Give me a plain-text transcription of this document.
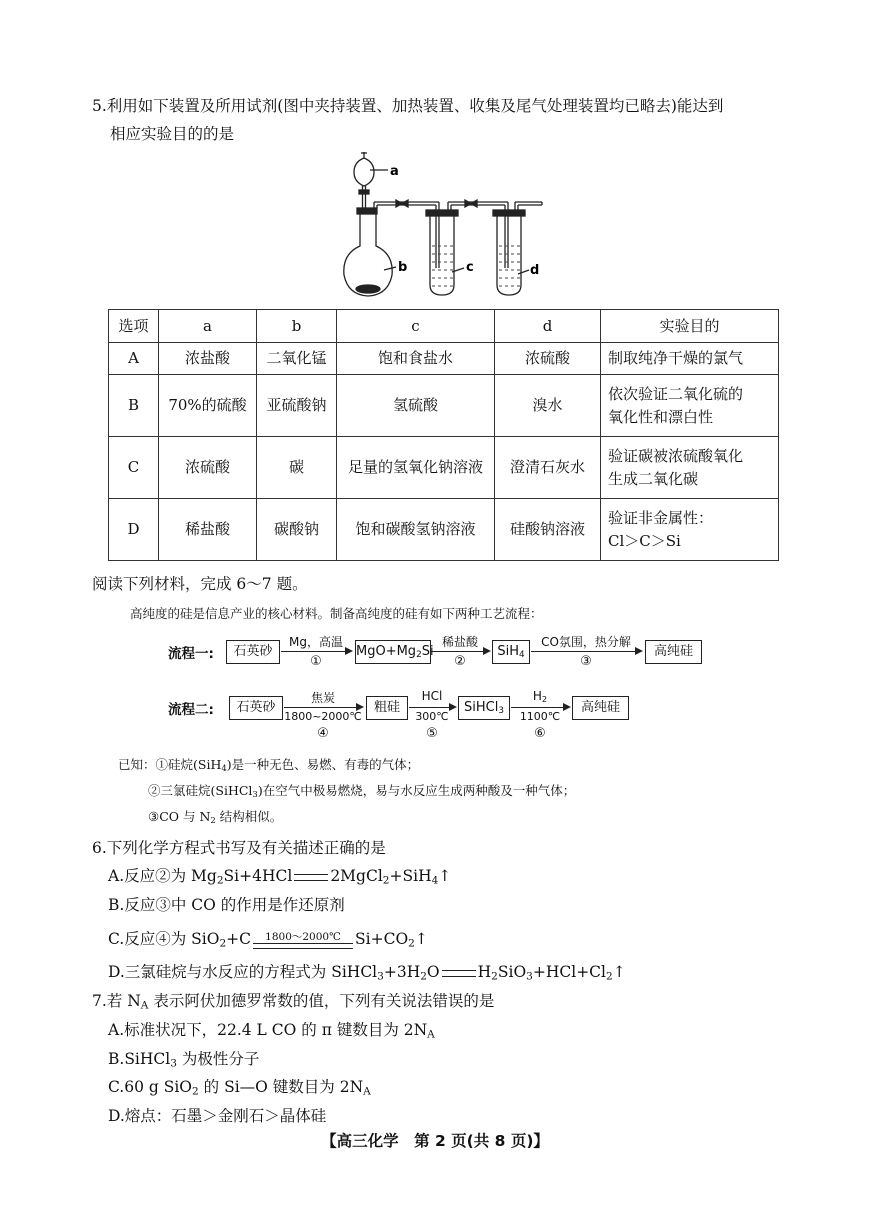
5.利用如下装置及所用试剂(图中夹持装置、加热装置、收集及尾气处理装置均已略去)能达到
相应实验目的的是
a
b	c	d
选项	a	b	c	d	实验目的
A	浓盐酸	二氧化锰	饱和食盐水	浓硫酸	制取纯净干燥的氯气
B	70%的硫酸	亚硫酸钠	氢硫酸	溴水	依次验证二氧化硫的
氧化性和漂白性
C	浓硫酸	碳	足量的氢氧化钠溶液	澄清石灰水	验证碳被浓硫酸氧化
生成二氧化碳
D	稀盐酸	碳酸钠	饱和碳酸氢钠溶液	硅酸钠溶液	验证非金属性：
Cl＞C＞Si
阅读下列材料，完成 6～7 题。
高纯度的硅是信息产业的核心材料。制备高纯度的硅有如下两种工艺流程：
流程一:	石英砂
Mg，高温
①
$MgO+Mg_2Si$
稀盐酸
②
SiH$_4$
CO氛围，热分解
③
高纯硅
流程二:	石英砂
焦炭
1800~2000℃
④
粗硅
HCl
300℃
⑤
SiHCl$_3$
$H_2$
1100℃
⑥
高纯硅
已知：①硅烷(SiH$_4$)是一种无色、易燃、有毒的气体；
②三氯硅烷(SiHCl$_3$)在空气中极易燃烧，易与水反应生成两种酸及一种气体；
③CO 与 $N_2$ 结构相似。
6.下列化学方程式书写及有关描述正确的是
A.反应②为 $Mg_2Si+4HCl$ 2MgCl$_2$+SiH$_4$↑
B.反应③中 CO 的作用是作还原剂
C.反应④为 SiO$_2$+C	1800～2000℃ $Si+CO_2↑$
D.三氯硅烷与水反应的方程式为 $SiHCl_3+3H_2O$ $H_2SiO_3+HCl+Cl_2↑$
7.若 $N_A$ 表示阿伏加德罗常数的值，下列有关说法错误的是
A.标准状况下，22.4 L CO 的 π 键数目为 $2N_A$
B.SiHCl$_3$ 为极性分子
C.60 g SiO$_2$ 的 Si—O 键数目为 $2N_A$
D.熔点：石墨＞金刚石＞晶体硅
【高三化学　第 2 页(共 8 页)】
